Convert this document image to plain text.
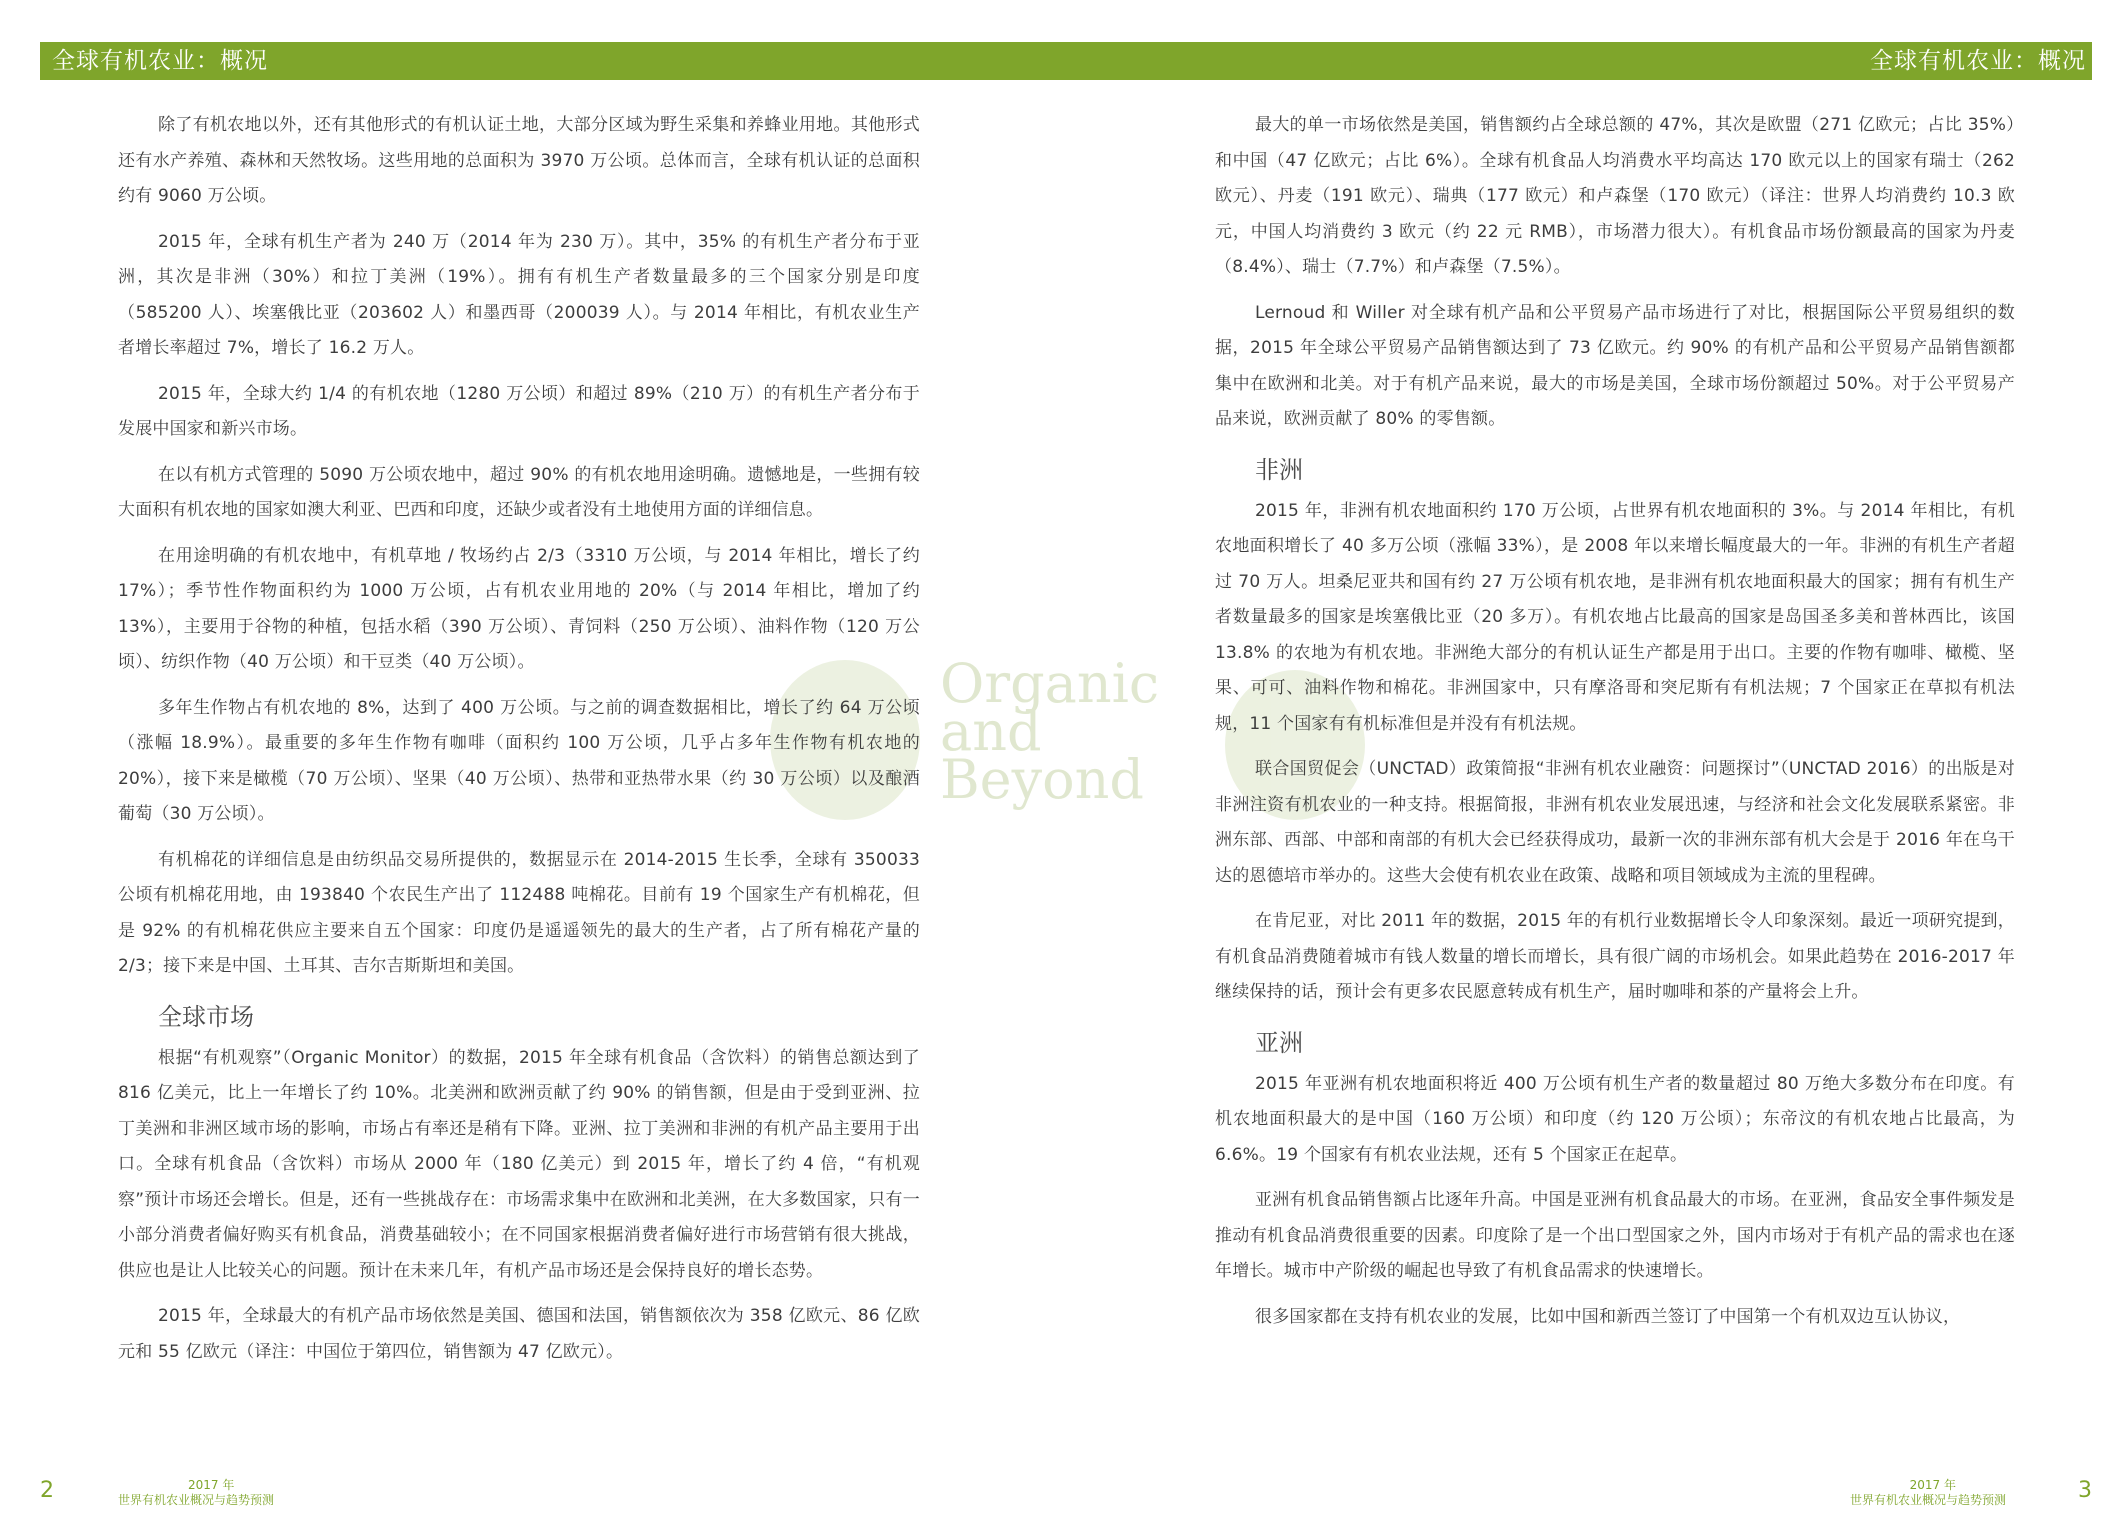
全球有机农业：概况	全球有机农业：概况
Organic
and
Beyond

除了有机农地以外，还有其他形式的有机认证土地，大部分区域为野生采集和养蜂业用地。其他形式还有水产养殖、森林和天然牧场。这些用地的总面积为 3970 万公顷。总体而言，全球有机认证的总面积约有 9060 万公顷。

2015 年，全球有机生产者为 240 万（2014 年为 230 万）。其中，35% 的有机生产者分布于亚洲，其次是非洲（30%）和拉丁美洲（19%）。拥有有机生产者数量最多的三个国家分别是印度（585200 人）、埃塞俄比亚（203602 人）和墨西哥（200039 人）。与 2014 年相比，有机农业生产者增长率超过 7%，增长了 16.2 万人。

2015 年，全球大约 1/4 的有机农地（1280 万公顷）和超过 89%（210 万）的有机生产者分布于发展中国家和新兴市场。

在以有机方式管理的 5090 万公顷农地中，超过 90% 的有机农地用途明确。遗憾地是，一些拥有较大面积有机农地的国家如澳大利亚、巴西和印度，还缺少或者没有土地使用方面的详细信息。

在用途明确的有机农地中，有机草地 / 牧场约占 2/3（3310 万公顷，与 2014 年相比，增长了约 17%）；季节性作物面积约为 1000 万公顷，占有机农业用地的 20%（与 2014 年相比，增加了约 13%），主要用于谷物的种植，包括水稻（390 万公顷）、青饲料（250 万公顷）、油料作物（120 万公顷）、纺织作物（40 万公顷）和干豆类（40 万公顷）。

多年生作物占有机农地的 8%，达到了 400 万公顷。与之前的调查数据相比，增长了约 64 万公顷（涨幅 18.9%）。最重要的多年生作物有咖啡（面积约 100 万公顷，几乎占多年生作物有机农地的 20%），接下来是橄榄（70 万公顷）、坚果（40 万公顷）、热带和亚热带水果（约 30 万公顷）以及酿酒葡萄（30 万公顷）。

有机棉花的详细信息是由纺织品交易所提供的，数据显示在 2014-2015 生长季，全球有 350033 公顷有机棉花用地，由 193840 个农民生产出了 112488 吨棉花。目前有 19 个国家生产有机棉花，但是 92% 的有机棉花供应主要来自五个国家：印度仍是遥遥领先的最大的生产者，占了所有棉花产量的 2/3；接下来是中国、土耳其、吉尔吉斯斯坦和美国。

全球市场

根据“有机观察”（Organic Monitor）的数据，2015 年全球有机食品（含饮料）的销售总额达到了816 亿美元，比上一年增长了约 10%。北美洲和欧洲贡献了约 90% 的销售额，但是由于受到亚洲、拉丁美洲和非洲区域市场的影响，市场占有率还是稍有下降。亚洲、拉丁美洲和非洲的有机产品主要用于出口。全球有机食品（含饮料）市场从 2000 年（180 亿美元）到 2015 年，增长了约 4 倍，“有机观察”预计市场还会增长。但是，还有一些挑战存在：市场需求集中在欧洲和北美洲，在大多数国家，只有一小部分消费者偏好购买有机食品，消费基础较小；在不同国家根据消费者偏好进行市场营销有很大挑战，供应也是让人比较关心的问题。预计在未来几年，有机产品市场还是会保持良好的增长态势。

2015 年，全球最大的有机产品市场依然是美国、德国和法国，销售额依次为 358 亿欧元、86 亿欧元和 55 亿欧元（译注：中国位于第四位，销售额为 47 亿欧元）。

最大的单一市场依然是美国，销售额约占全球总额的 47%，其次是欧盟（271 亿欧元；占比 35%）和中国（47 亿欧元；占比 6%）。全球有机食品人均消费水平均高达 170 欧元以上的国家有瑞士（262 欧元）、丹麦（191 欧元）、瑞典（177 欧元）和卢森堡（170 欧元）（译注：世界人均消费约 10.3 欧元，中国人均消费约 3 欧元（约 22 元 RMB），市场潜力很大）。有机食品市场份额最高的国家为丹麦（8.4%）、瑞士（7.7%）和卢森堡（7.5%）。

Lernoud 和 Willer 对全球有机产品和公平贸易产品市场进行了对比，根据国际公平贸易组织的数据，2015 年全球公平贸易产品销售额达到了 73 亿欧元。约 90% 的有机产品和公平贸易产品销售额都集中在欧洲和北美。对于有机产品来说，最大的市场是美国，全球市场份额超过 50%。对于公平贸易产品来说，欧洲贡献了 80% 的零售额。

非洲

2015 年，非洲有机农地面积约 170 万公顷，占世界有机农地面积的 3%。与 2014 年相比，有机农地面积增长了 40 多万公顷（涨幅 33%），是 2008 年以来增长幅度最大的一年。非洲的有机生产者超过 70 万人。坦桑尼亚共和国有约 27 万公顷有机农地，是非洲有机农地面积最大的国家；拥有有机生产者数量最多的国家是埃塞俄比亚（20 多万）。有机农地占比最高的国家是岛国圣多美和普林西比，该国 13.8% 的农地为有机农地。非洲绝大部分的有机认证生产都是用于出口。主要的作物有咖啡、橄榄、坚果、可可、油料作物和棉花。非洲国家中，只有摩洛哥和突尼斯有有机法规；7 个国家正在草拟有机法规，11 个国家有有机标准但是并没有有机法规。

联合国贸促会（UNCTAD）政策简报“非洲有机农业融资：问题探讨”（UNCTAD 2016）的出版是对非洲注资有机农业的一种支持。根据简报，非洲有机农业发展迅速，与经济和社会文化发展联系紧密。非洲东部、西部、中部和南部的有机大会已经获得成功，最新一次的非洲东部有机大会是于 2016 年在乌干达的恩德培市举办的。这些大会使有机农业在政策、战略和项目领域成为主流的里程碑。

在肯尼亚，对比 2011 年的数据，2015 年的有机行业数据增长令人印象深刻。最近一项研究提到，有机食品消费随着城市有钱人数量的增长而增长，具有很广阔的市场机会。如果此趋势在 2016-2017 年继续保持的话，预计会有更多农民愿意转成有机生产，届时咖啡和茶的产量将会上升。

亚洲

2015 年亚洲有机农地面积将近 400 万公顷有机生产者的数量超过 80 万绝大多数分布在印度。有机农地面积最大的是中国（160 万公顷）和印度（约 120 万公顷）；东帝汶的有机农地占比最高，为 6.6%。19 个国家有有机农业法规，还有 5 个国家正在起草。

亚洲有机食品销售额占比逐年升高。中国是亚洲有机食品最大的市场。在亚洲，食品安全事件频发是推动有机食品消费很重要的因素。印度除了是一个出口型国家之外，国内市场对于有机产品的需求也在逐年增长。城市中产阶级的崛起也导致了有机食品需求的快速增长。

很多国家都在支持有机农业的发展，比如中国和新西兰签订了中国第一个有机双边互认协议，

2	2017 年
世界有机农业概况与趋势预测
2017 年
世界有机农业概况与趋势预测	3
